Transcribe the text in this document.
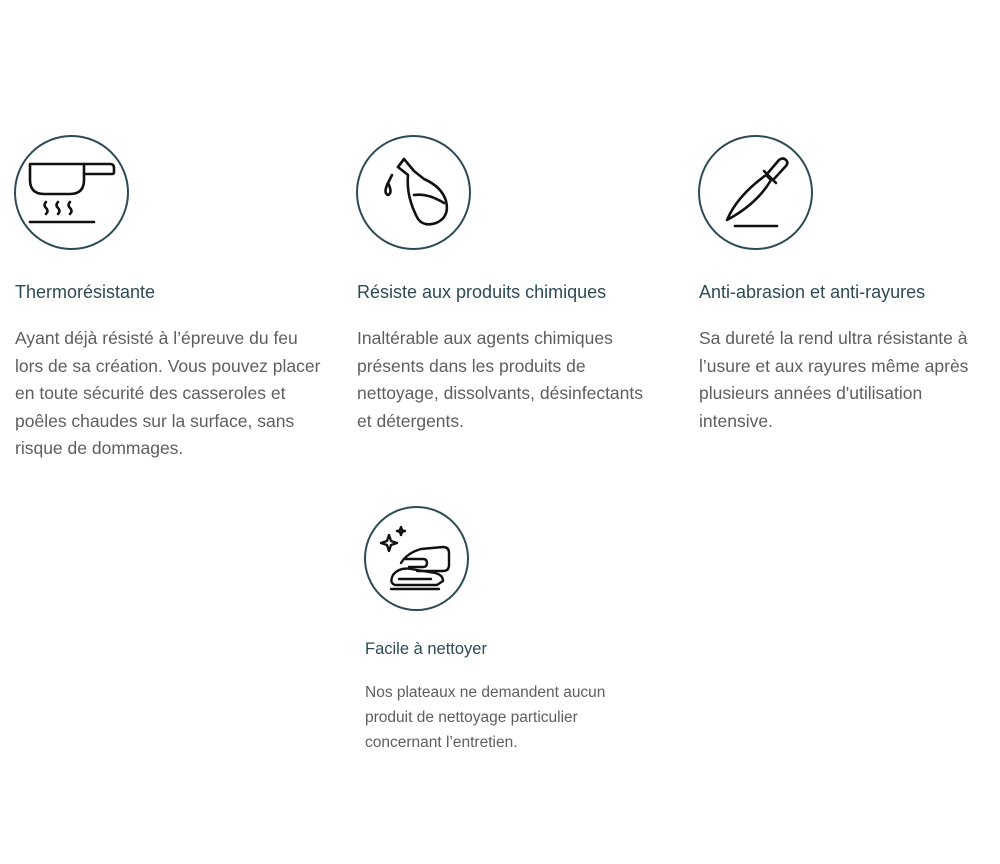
Thermorésistante

Ayant déjà résisté à l’épreuve du feu lors de sa création. Vous pouvez placer en toute sécurité des casseroles et poêles chaudes sur la surface, sans risque de dommages.

Résiste aux produits chimiques

Inaltérable aux agents chimiques présents dans les produits de nettoyage, dissolvants, désinfectants et détergents.

Anti-abrasion et anti-rayures

Sa dureté la rend ultra résistante à l’usure et aux rayures même après plusieurs années d'utilisation intensive.

Facile à nettoyer

Nos plateaux ne demandent aucun produit de nettoyage particulier concernant l’entretien.
